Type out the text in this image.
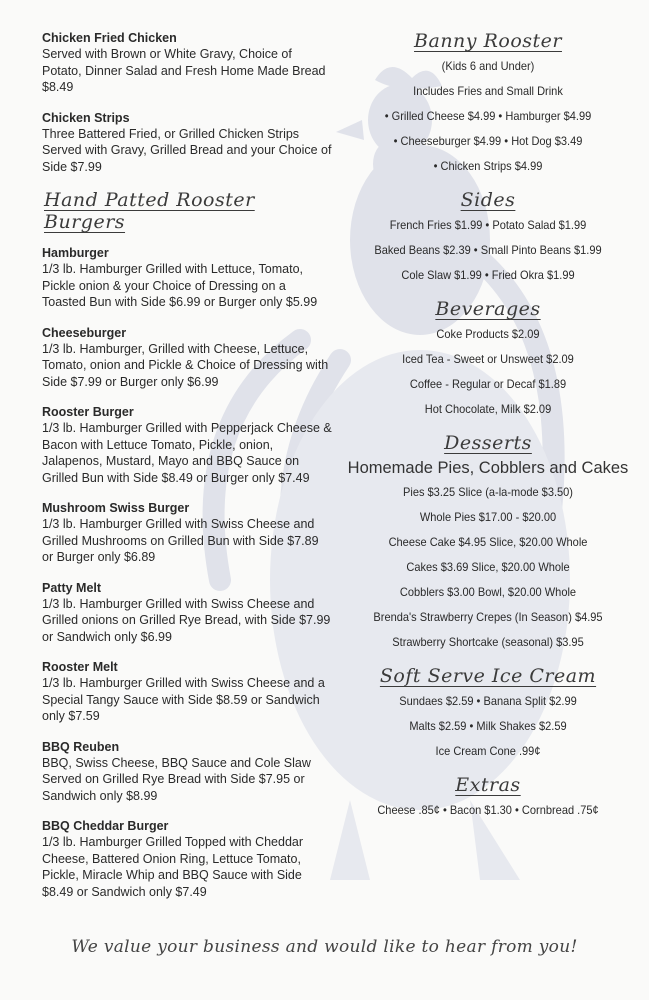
Chicken Fried Chicken
Served with Brown or White Gravy, Choice of Potato, Dinner Salad and Fresh Home Made Bread $8.49
Chicken Strips
Three Battered Fried, or Grilled Chicken Strips Served with Gravy, Grilled Bread and your Choice of Side $7.99
Hand Patted Rooster Burgers
Hamburger
1/3 lb. Hamburger Grilled with Lettuce, Tomato, Pickle onion & your Choice of Dressing on a Toasted Bun with Side $6.99 or Burger only $5.99
Cheeseburger
1/3 lb. Hamburger, Grilled with Cheese, Lettuce, Tomato, onion and Pickle & Choice of Dressing with Side $7.99 or Burger only $6.99
Rooster Burger
1/3 lb. Hamburger Grilled with Pepperjack Cheese & Bacon with Lettuce Tomato, Pickle, onion, Jalapenos, Mustard, Mayo and BBQ Sauce on Grilled Bun with Side $8.49 or Burger only $7.49
Mushroom Swiss Burger
1/3 lb. Hamburger Grilled with Swiss Cheese and Grilled Mushrooms on Grilled Bun with Side $7.89 or Burger only $6.89
Patty Melt
1/3 lb. Hamburger Grilled with Swiss Cheese and Grilled onions on Grilled Rye Bread, with Side $7.99 or Sandwich only $6.99
Rooster Melt
1/3 lb. Hamburger Grilled with Swiss Cheese and a Special Tangy Sauce with Side $8.59 or Sandwich only $7.59
BBQ Reuben
BBQ, Swiss Cheese, BBQ Sauce and Cole Slaw Served on Grilled Rye Bread with Side $7.95 or Sandwich only $8.99
BBQ Cheddar Burger
1/3 lb. Hamburger Grilled Topped with Cheddar Cheese, Battered Onion Ring, Lettuce Tomato, Pickle, Miracle Whip and BBQ Sauce with Side $8.49 or Sandwich only $7.49
Banny Rooster
(Kids 6 and Under)
Includes Fries and Small Drink
• Grilled Cheese $4.99 • Hamburger $4.99
• Cheeseburger $4.99 • Hot Dog $3.49
• Chicken Strips $4.99
Sides
French Fries $1.99 • Potato Salad $1.99
Baked Beans $2.39 • Small Pinto Beans $1.99
Cole Slaw $1.99 • Fried Okra $1.99
Beverages
Coke Products $2.09
Iced Tea - Sweet or Unsweet $2.09
Coffee - Regular or Decaf $1.89
Hot Chocolate, Milk $2.09
Desserts
Homemade Pies, Cobblers and Cakes
Pies $3.25 Slice (a-la-mode $3.50)
Whole Pies $17.00 - $20.00
Cheese Cake $4.95 Slice, $20.00 Whole
Cakes $3.69 Slice, $20.00 Whole
Cobblers $3.00 Bowl, $20.00 Whole
Brenda's Strawberry Crepes (In Season) $4.95
Strawberry Shortcake (seasonal) $3.95
Soft Serve Ice Cream
Sundaes $2.59 • Banana Split $2.99
Malts $2.59 • Milk Shakes $2.59
Ice Cream Cone .99¢
Extras
Cheese .85¢ • Bacon $1.30 • Cornbread .75¢
We value your business and would like to hear from you!
